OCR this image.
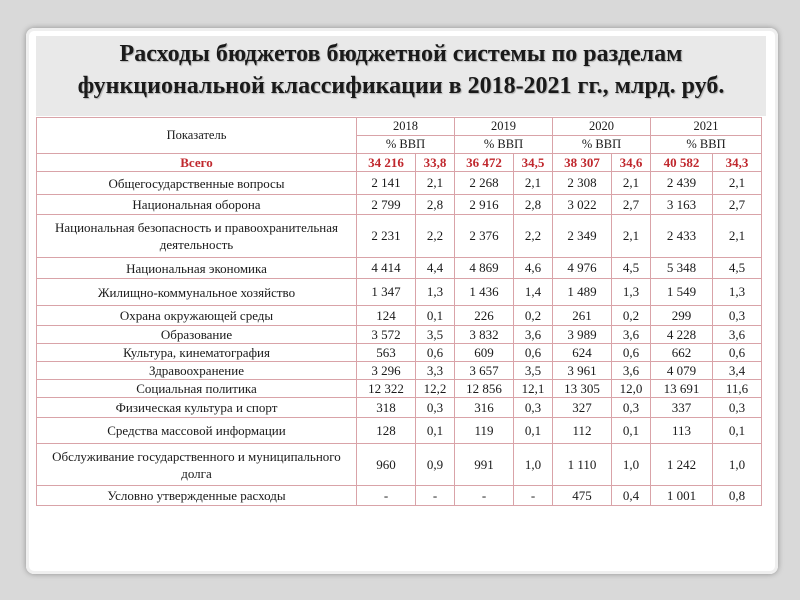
Расходы бюджетов бюджетной системы по разделам функциональной классификации в 2018-2021 гг., млрд. руб.
Показатель	2018		2019		2020		2021	
	% ВВП		% ВВП		% ВВП		% ВВП	
Всего	34 216	33,8	36 472	34,5	38 307	34,6	40 582	34,3
Общегосударственные вопросы	2 141	2,1	2 268	2,1	2 308	2,1	2 439	2,1
Национальная оборона	2 799	2,8	2 916	2,8	3 022	2,7	3 163	2,7
Национальная безопасность и правоохранительная деятельность	2 231	2,2	2 376	2,2	2 349	2,1	2 433	2,1
Национальная экономика	4 414	4,4	4 869	4,6	4 976	4,5	5 348	4,5
Жилищно-коммунальное хозяйство	1 347	1,3	1 436	1,4	1 489	1,3	1 549	1,3
Охрана окружающей среды	124	0,1	226	0,2	261	0,2	299	0,3
Образование	3 572	3,5	3 832	3,6	3 989	3,6	4 228	3,6
Культура, кинематография	563	0,6	609	0,6	624	0,6	662	0,6
Здравоохранение	3 296	3,3	3 657	3,5	3 961	3,6	4 079	3,4
Социальная политика	12 322	12,2	12 856	12,1	13 305	12,0	13 691	11,6
Физическая культура и спорт	318	0,3	316	0,3	327	0,3	337	0,3
Средства массовой информации	128	0,1	119	0,1	112	0,1	113	0,1
Обслуживание государственного и муниципального долга	960	0,9	991	1,0	1 110	1,0	1 242	1,0
Условно утвержденные расходы	-	-	-	-	475	0,4	1 001	0,8
